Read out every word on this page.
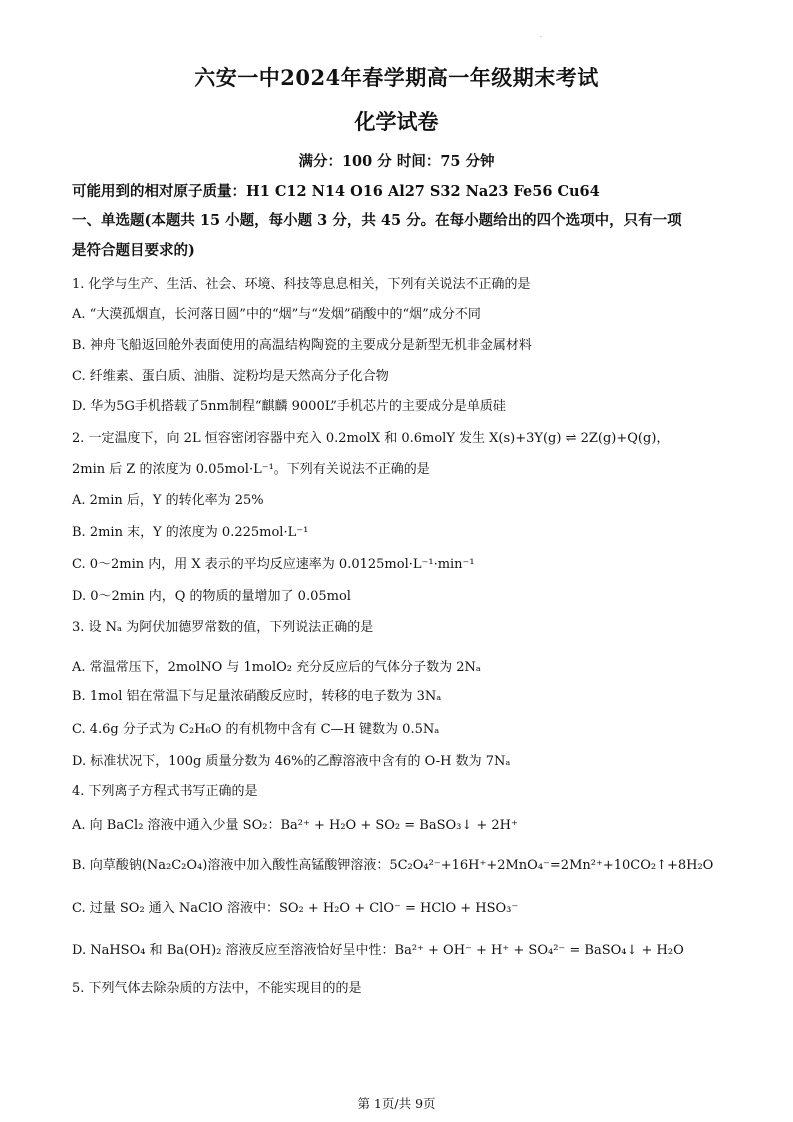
·
六安一中2024年春学期高一年级期末考试
化学试卷
满分：100 分 时间：75 分钟
可能用到的相对原子质量：H1 C12 N14 O16 Al27 S32 Na23 Fe56 Cu64
一、单选题(本题共 15 小题，每小题 3 分，共 45 分。在每小题给出的四个选项中，只有一项
是符合题目要求的)
1. 化学与生产、生活、社会、环境、科技等息息相关，下列有关说法不正确的是
A. “大漠孤烟直，长河落日圆”中的“烟”与“发烟”硝酸中的“烟”成分不同
B. 神舟飞船返回舱外表面使用的高温结构陶瓷的主要成分是新型无机非金属材料
C. 纤维素、蛋白质、油脂、淀粉均是天然高分子化合物
D. 华为5G手机搭载了5nm制程“麒麟 9000L”手机芯片的主要成分是单质硅
2. 一定温度下，向 2L 恒容密闭容器中充入 0.2molX 和 0.6molY 发生 X(s)+3Y(g) ⇌ 2Z(g)+Q(g)，
2min 后 Z 的浓度为 0.05mol·L⁻¹。下列有关说法不正确的是
A. 2min 后，Y 的转化率为 25%
B. 2min 末，Y 的浓度为 0.225mol·L⁻¹
C. 0～2min 内，用 X 表示的平均反应速率为 0.0125mol·L⁻¹·min⁻¹
D. 0～2min 内，Q 的物质的量增加了 0.05mol
3. 设 Nₐ 为阿伏加德罗常数的值，下列说法正确的是
A. 常温常压下，2molNO 与 1molO₂ 充分反应后的气体分子数为 2Nₐ
B. 1mol 铝在常温下与足量浓硝酸反应时，转移的电子数为 3Nₐ
C. 4.6g 分子式为 C₂H₆O 的有机物中含有 C—H 键数为 0.5Nₐ
D. 标准状况下，100g 质量分数为 46%的乙醇溶液中含有的 O-H 数为 7Nₐ
4. 下列离子方程式书写正确的是
A. 向 BaCl₂ 溶液中通入少量 SO₂：Ba²⁺ + H₂O + SO₂ = BaSO₃↓ + 2H⁺
B. 向草酸钠(Na₂C₂O₄)溶液中加入酸性高锰酸钾溶液：5C₂O₄²⁻+16H⁺+2MnO₄⁻=2Mn²⁺+10CO₂↑+8H₂O
C. 过量 SO₂ 通入 NaClO 溶液中：SO₂ + H₂O + ClO⁻ = HClO + HSO₃⁻
D. NaHSO₄ 和 Ba(OH)₂ 溶液反应至溶液恰好呈中性：Ba²⁺ + OH⁻ + H⁺ + SO₄²⁻ = BaSO₄↓ + H₂O
5. 下列气体去除杂质的方法中，不能实现目的的是
第 1页/共 9页
